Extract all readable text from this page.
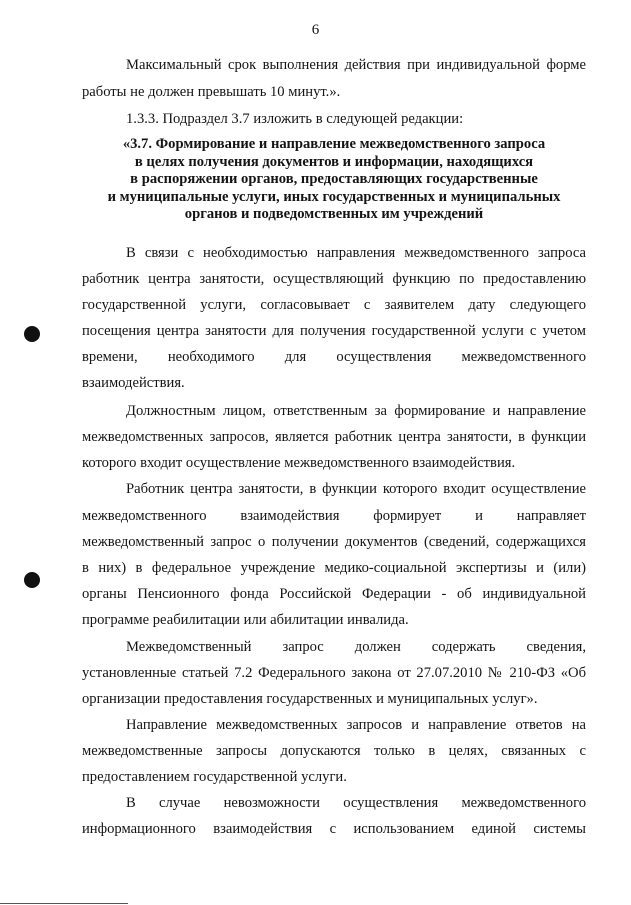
6
Максимальный срок выполнения действия при индивидуальной форме
работы не должен превышать 10 минут.».
1.3.3. Подраздел 3.7 изложить в следующей редакции:
«3.7. Формирование и направление межведомственного запроса
в целях получения документов и информации, находящихся
в распоряжении органов, предоставляющих государственные
и муниципальные услуги, иных государственных и муниципальных
органов и подведомственных им учреждений
В связи с необходимостью направления межведомственного запроса
работник центра занятости, осуществляющий функцию по предоставлению
государственной услуги, согласовывает с заявителем дату следующего
посещения центра занятости для получения государственной услуги с учетом
времени, необходимого для осуществления межведомственного
взаимодействия.
Должностным лицом, ответственным за формирование и направление
межведомственных запросов, является работник центра занятости, в функции
которого входит осуществление межведомственного взаимодействия.
Работник центра занятости, в функции которого входит осуществление
межведомственного взаимодействия формирует и направляет
межведомственный запрос о получении документов (сведений, содержащихся
в них) в федеральное учреждение медико-социальной экспертизы и (или)
органы Пенсионного фонда Российской Федерации - об индивидуальной
программе реабилитации или абилитации инвалида.
Межведомственный запрос должен содержать сведения,
установленные статьей 7.2 Федерального закона от 27.07.2010 № 210-ФЗ «Об
организации предоставления государственных и муниципальных услуг».
Направление межведомственных запросов и направление ответов на
межведомственные запросы допускаются только в целях, связанных с
предоставлением государственной услуги.
В случае невозможности осуществления межведомственного
информационного взаимодействия с использованием единой системы
